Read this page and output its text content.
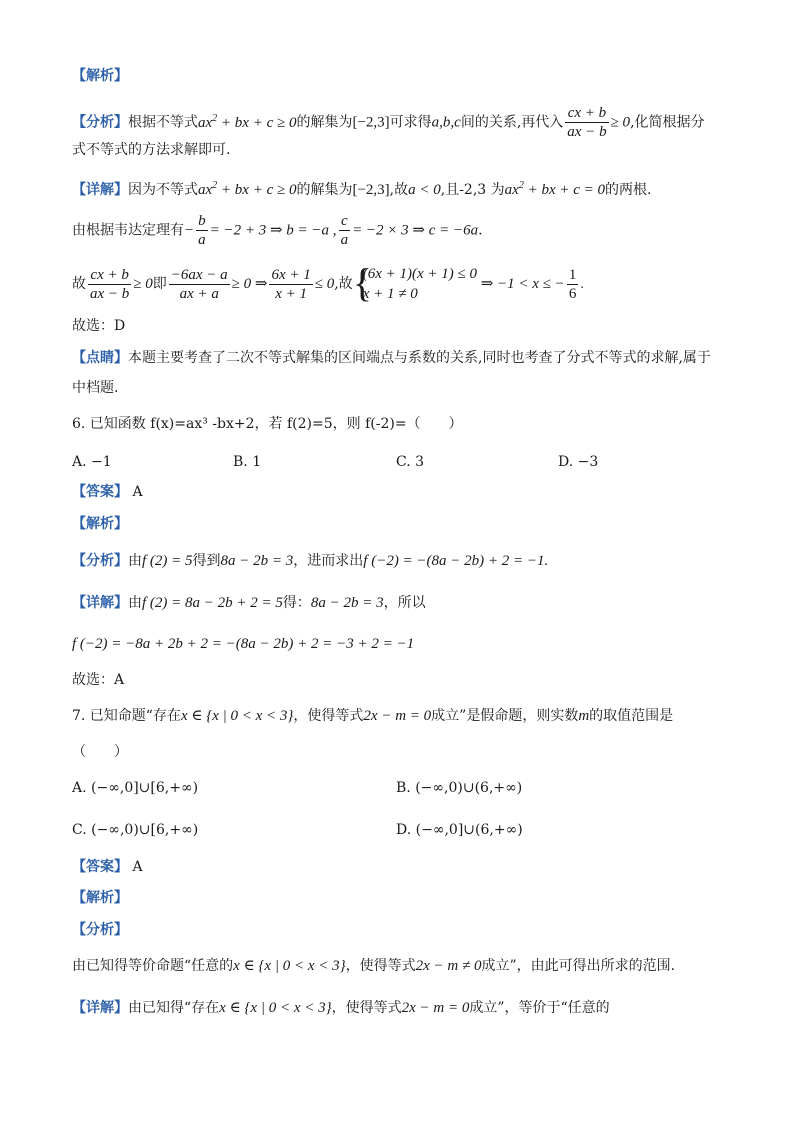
【解析】
【分析】根据不等式$ax^2$ + bx + c ≥ 0的解集为[−2,3]可求得a,b,c间的关系,再代入 $\frac{cx + b}{ax - b} \ge 0$,化简根据分
式不等式的方法求解即可.
【详解】因为不等式$ax^2$ + bx + c ≥ 0的解集为[−2,3],故a < 0,且-2,3 为$ax^2$ + bx + c = 0的两根.
由根据韦达定理有− $\frac{b}{a} = -2 + 3$ ⇒ b = −a , $\frac{c}{a} = -2 \times 3$ ⇒ c = −6a.
故 $\frac{cx + b}{ax - b} \ge 0$即 $\frac{-6ax - a}{ax + a} \ge 0$ ⇒ $\frac{6x + 1}{x + 1} \le 0$,故 {
(6x + 1)(x + 1) ≤ 0
x + 1 ≠ 0
⇒ −1 < x ≤ − $\frac{1}{6}$ .
故选：D
【点睛】本题主要考查了二次不等式解集的区间端点与系数的关系,同时也考查了分式不等式的求解,属于
中档题.
6. 已知函数 f(x)=ax³ -bx+2，若 f(2)=5，则 f(-2)=（　　）
A. −1	B. 1	C. 3	D. −3
【答案】 A
【解析】
【分析】由f (2) = 5得到8a − 2b = 3，进而求出f (−2) = −(8a − 2b) + 2 = −1.
【详解】由f (2) = 8a − 2b + 2 = 5得：8a − 2b = 3，所以
f (−2) = −8a + 2b + 2 = −(8a − 2b) + 2 = −3 + 2 = −1
故选：A
7. 已知命题“存在x ∈ {x | 0 < x < 3}，使得等式2x − m = 0成立”是假命题，则实数m的取值范围是
（　　）
A. (−∞,0]∪[6,+∞)	B. (−∞,0)∪(6,+∞)
C. (−∞,0)∪[6,+∞)	D. (−∞,0]∪(6,+∞)
【答案】 A
【解析】
【分析】
由已知得等价命题“任意的x ∈ {x | 0 < x < 3}，使得等式2x − m ≠ 0成立”，由此可得出所求的范围.
【详解】由已知得“存在x ∈ {x | 0 < x < 3}，使得等式2x − m = 0成立”，等价于“任意的
